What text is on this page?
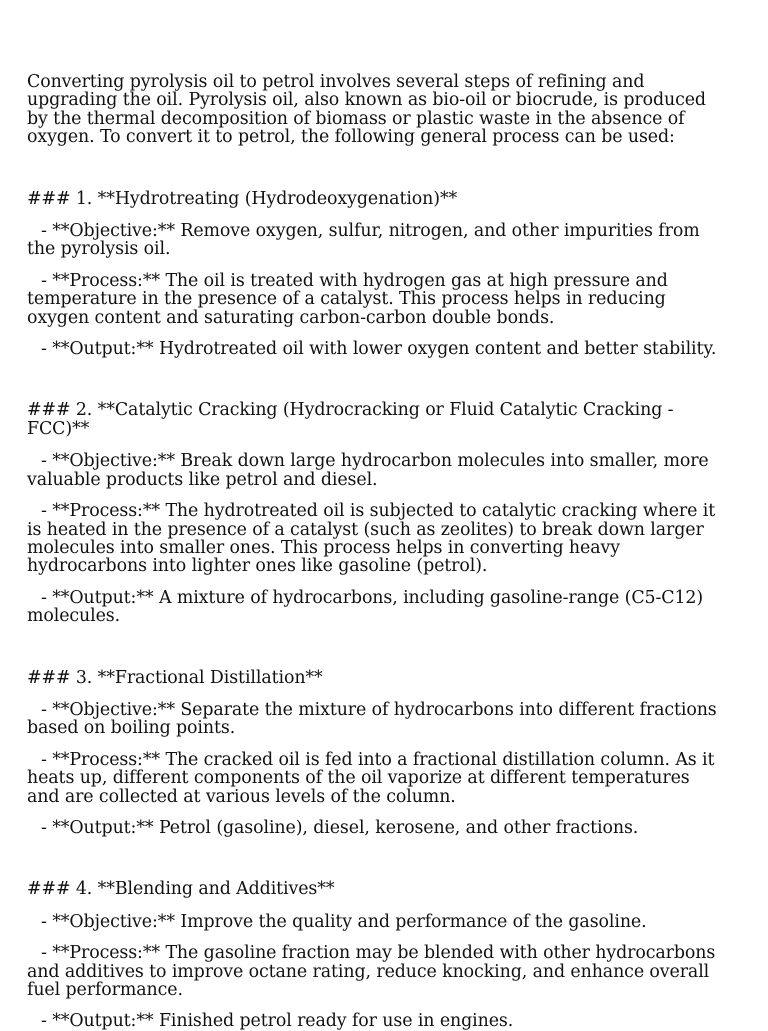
Converting pyrolysis oil to petrol involves several steps of refining and upgrading the oil. Pyrolysis oil, also known as bio-oil or biocrude, is produced by the thermal decomposition of biomass or plastic waste in the absence of oxygen. To convert it to petrol, the following general process can be used:

### 1. **Hydrotreating (Hydrodeoxygenation)**

- **Objective:** Remove oxygen, sulfur, nitrogen, and other impurities from the pyrolysis oil.

- **Process:** The oil is treated with hydrogen gas at high pressure and temperature in the presence of a catalyst. This process helps in reducing oxygen content and saturating carbon-carbon double bonds.

- **Output:** Hydrotreated oil with lower oxygen content and better stability.

### 2. **Catalytic Cracking (Hydrocracking or Fluid Catalytic Cracking - FCC)**

- **Objective:** Break down large hydrocarbon molecules into smaller, more valuable products like petrol and diesel.

- **Process:** The hydrotreated oil is subjected to catalytic cracking where it is heated in the presence of a catalyst (such as zeolites) to break down larger molecules into smaller ones. This process helps in converting heavy hydrocarbons into lighter ones like gasoline (petrol).

- **Output:** A mixture of hydrocarbons, including gasoline-range (C5-C12) molecules.

### 3. **Fractional Distillation**

- **Objective:** Separate the mixture of hydrocarbons into different fractions based on boiling points.

- **Process:** The cracked oil is fed into a fractional distillation column. As it heats up, different components of the oil vaporize at different temperatures and are collected at various levels of the column.

- **Output:** Petrol (gasoline), diesel, kerosene, and other fractions.

### 4. **Blending and Additives**

- **Objective:** Improve the quality and performance of the gasoline.

- **Process:** The gasoline fraction may be blended with other hydrocarbons and additives to improve octane rating, reduce knocking, and enhance overall fuel performance.

- **Output:** Finished petrol ready for use in engines.
